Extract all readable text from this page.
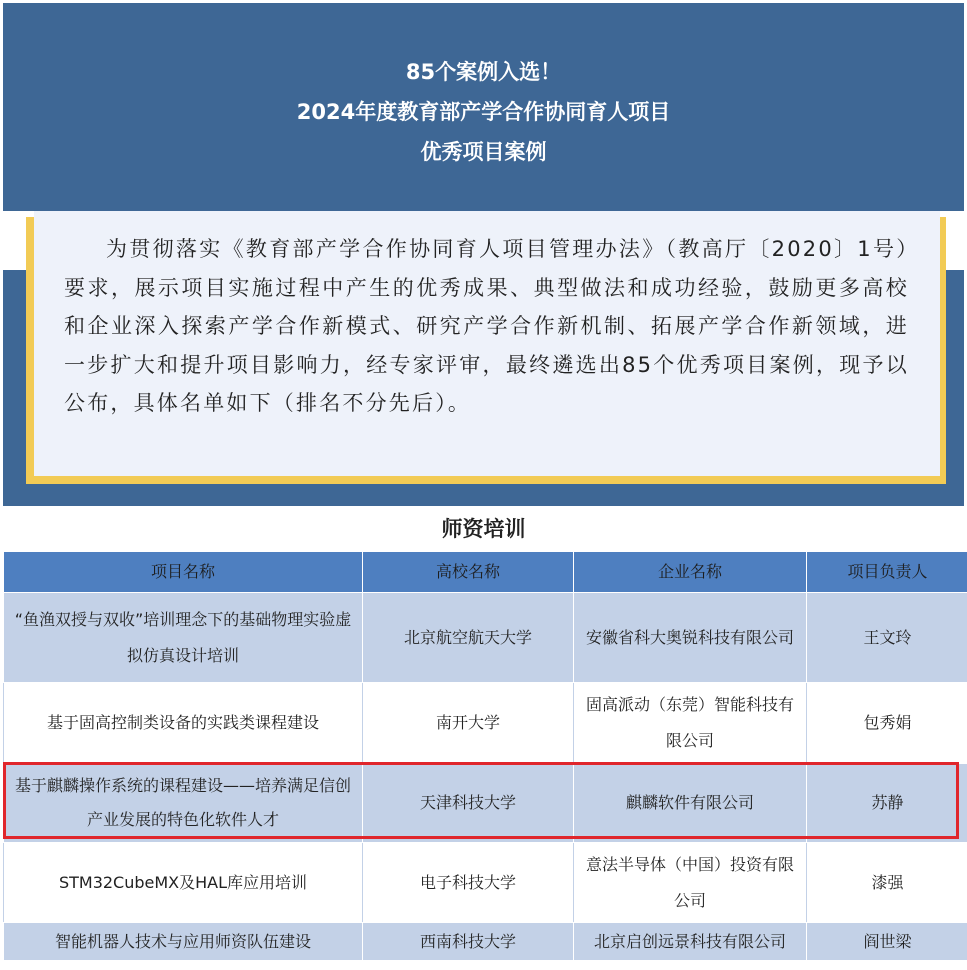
85个案例入选！
2024年度教育部产学合作协同育人项目
优秀项目案例

为贯彻落实《教育部产学合作协同育人项目管理办法》（教高厅〔2020〕1号）要求，展示项目实施过程中产生的优秀成果、典型做法和成功经验，鼓励更多高校和企业深入探索产学合作新模式、研究产学合作新机制、拓展产学合作新领域，进一步扩大和提升项目影响力，经专家评审，最终遴选出85个优秀项目案例，现予以公布，具体名单如下（排名不分先后）。

师资培训
项目名称	高校名称	企业名称	项目负责人
“鱼渔双授与双收”培训理念下的基础物理实验虚拟仿真设计培训	北京航空航天大学	安徽省科大奥锐科技有限公司	王文玲
基于固高控制类设备的实践类课程建设	南开大学	固高派动（东莞）智能科技有限公司	包秀娟
基于麒麟操作系统的课程建设——培养满足信创产业发展的特色化软件人才	天津科技大学	麒麟软件有限公司	苏静
STM32CubeMX及HAL库应用培训	电子科技大学	意法半导体（中国）投资有限公司	漆强
智能机器人技术与应用师资队伍建设	西南科技大学	北京启创远景科技有限公司	阎世梁
